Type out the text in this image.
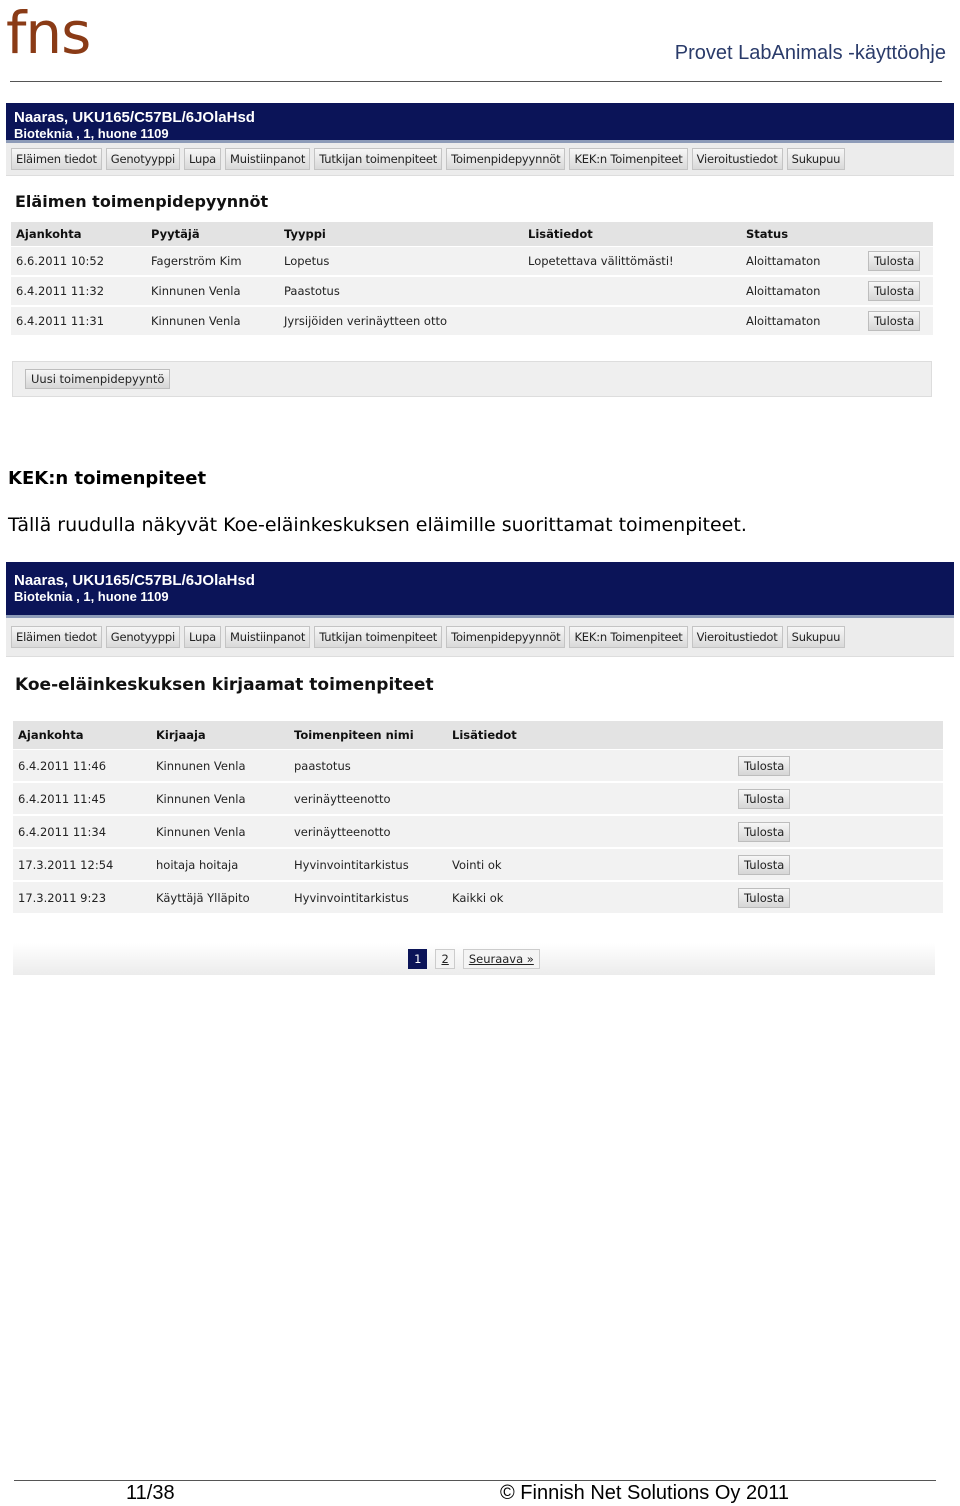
fns	Provet LabAnimals -käyttöohje
Naaras, UKU165/C57BL/6JOlaHsd
Bioteknia , 1, huone 1109
Eläimen tiedot	Genotyyppi	Lupa	Muistiinpanot	Tutkijan toimenpiteet	Toimenpidepyynnöt	KEK:n Toimenpiteet	Vieroitustiedot	Sukupuu
Eläimen toimenpidepyynnöt
Ajankohta	Pyytäjä	Tyyppi	Lisätiedot	Status	
6.6.2011 10:52	Fagerström Kim	Lopetus	Lopetettava välittömästi!	Aloittamaton	Tulosta
6.4.2011 11:32	Kinnunen Venla	Paastotus		Aloittamaton	Tulosta
6.4.2011 11:31	Kinnunen Venla	Jyrsijöiden verinäytteen otto		Aloittamaton	Tulosta
Uusi toimenpidepyyntö
KEK:n toimenpiteet
Tällä ruudulla näkyvät Koe-eläinkeskuksen eläimille suorittamat toimenpiteet.
Naaras, UKU165/C57BL/6JOlaHsd
Bioteknia , 1, huone 1109
Eläimen tiedot	Genotyyppi	Lupa	Muistiinpanot	Tutkijan toimenpiteet	Toimenpidepyynnöt	KEK:n Toimenpiteet	Vieroitustiedot	Sukupuu
Koe-eläinkeskuksen kirjaamat toimenpiteet
Ajankohta	Kirjaaja	Toimenpiteen nimi	Lisätiedot	
6.4.2011 11:46	Kinnunen Venla	paastotus		Tulosta
6.4.2011 11:45	Kinnunen Venla	verinäytteenotto		Tulosta
6.4.2011 11:34	Kinnunen Venla	verinäytteenotto		Tulosta
17.3.2011 12:54	hoitaja hoitaja	Hyvinvointitarkistus	Vointi ok	Tulosta
17.3.2011 9:23	Käyttäjä Ylläpito	Hyvinvointitarkistus	Kaikki ok	Tulosta
1	2	Seuraava »
11/38	© Finnish Net Solutions Oy 2011
